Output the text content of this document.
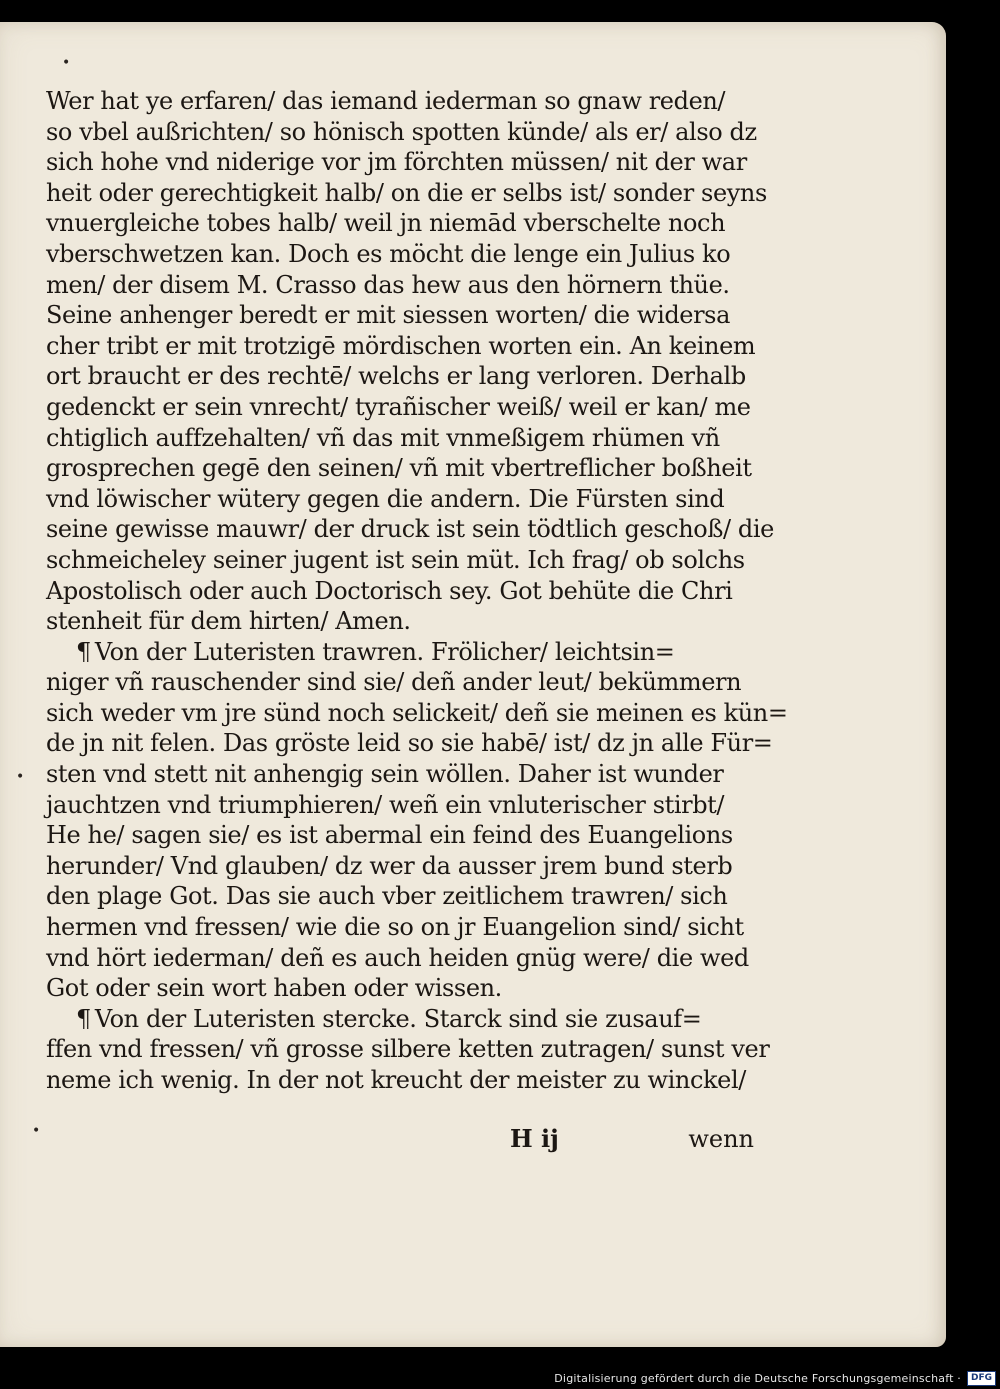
•
•
•
Wer hat ye erfaren/ das iemand iederman so gnaw reden/
so vbel außrichten/ so hönisch spotten künde/ als er/ also dz
sich hohe vnd niderige vor jm förchten müssen/ nit der war
heit oder gerechtigkeit halb/ on die er selbs ist/ sonder seyns
vnuergleiche tobes halb/ weil jn niemād vberschelte noch
vberschwetzen kan. Doch es möcht die lenge ein Julius ko
men/ der disem M. Crasso das hew aus den hörnern thüe.
Seine anhenger beredt er mit siessen worten/ die widersa
cher tribt er mit trotzigē mördischen worten ein. An keinem
ort braucht er des rechtē/ welchs er lang verloren. Derhalb
gedenckt er sein vnrecht/ tyrañischer weiß/ weil er kan/ me
chtiglich auffzehalten/ vñ das mit vnmeßigem rhümen vñ
grosprechen gegē den seinen/ vñ mit vbertreflicher boßheit
vnd löwischer wütery gegen die andern. Die Fürsten sind
seine gewisse mauwr/ der druck ist sein tödtlich geschoß/ die
schmeicheley seiner jugent ist sein müt. Ich frag/ ob solchs
Apostolisch oder auch Doctorisch sey. Got behüte die Chri
stenheit für dem hirten/ Amen.
¶ Von der Luteristen trawren. Frölicher/ leichtsin=
niger vñ rauschender sind sie/ deñ ander leut/ bekümmern
sich weder vm jre sünd noch selickeit/ deñ sie meinen es kün=
de jn nit felen. Das gröste leid so sie habē/ ist/ dz jn alle Für=
sten vnd stett nit anhengig sein wöllen. Daher ist wunder
jauchtzen vnd triumphieren/ weñ ein vnluterischer stirbt/
He he/ sagen sie/ es ist abermal ein feind des Euangelions
herunder/ Vnd glauben/ dz wer da ausser jrem bund sterb
den plage Got. Das sie auch vber zeitlichem trawren/ sich
hermen vnd fressen/ wie die so on jr Euangelion sind/ sicht
vnd hört iederman/ deñ es auch heiden gnüg were/ die wed
Got oder sein wort haben oder wissen.
¶ Von der Luteristen stercke. Starck sind sie zusauf=
ffen vnd fressen/ vñ grosse silbere ketten zutragen/ sunst ver
neme ich wenig. In der not kreucht der meister zu winckel/
H ij	wenn
Digitalisierung gefördert durch die Deutsche Forschungsgemeinschaft ·	DFG
